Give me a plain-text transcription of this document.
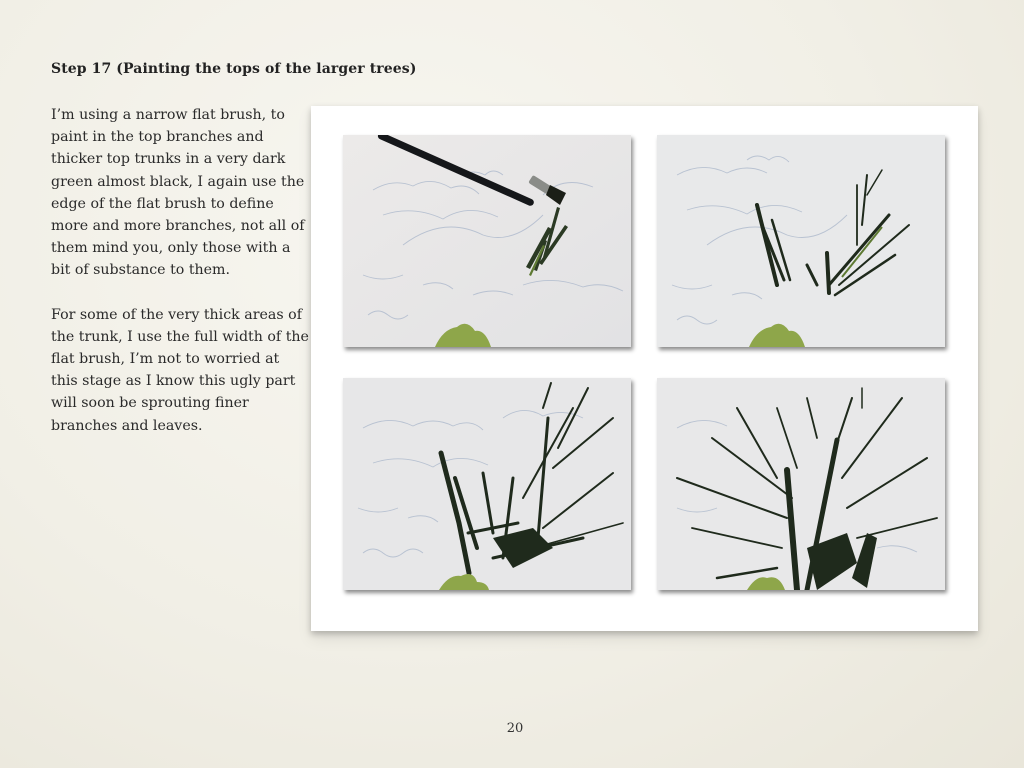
Step 17 (Painting the tops of the larger trees)

I’m using a narrow flat brush, to paint in the top branches and thicker top trunks in a very dark green almost black, I again use the edge of the flat brush to define more and more branches, not all of them mind you, only those with a bit of substance to them.

For some of the very thick areas of the trunk, I use the full width of the flat brush, I’m not to worried at this stage as I know this ugly part will soon be sprouting finer branches and leaves.

20
